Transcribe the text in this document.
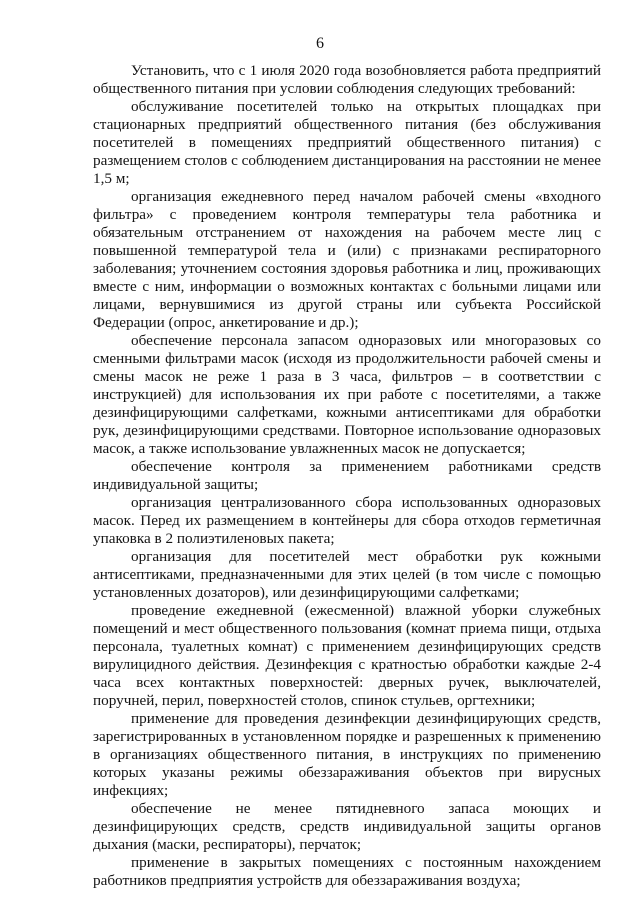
6

Установить, что с 1 июля 2020 года возобновляется работа предприятий общественного питания при условии соблюдения следующих требований:

обслуживание посетителей только на открытых площадках при стационарных предприятий общественного питания (без обслуживания посетителей в помещениях предприятий общественного питания) с размещением столов с соблюдением дистанцирования на расстоянии не менее 1,5 м;

организация ежедневного перед началом рабочей смены «входного фильтра» с проведением контроля температуры тела работника и обязательным отстранением от нахождения на рабочем месте лиц с повышенной температурой тела и (или) с признаками респираторного заболевания; уточнением состояния здоровья работника и лиц, проживающих вместе с ним, информации о возможных контактах с больными лицами или лицами, вернувшимися из другой страны или субъекта Российской Федерации (опрос, анкетирование и др.);

обеспечение персонала запасом одноразовых или многоразовых со сменными фильтрами масок (исходя из продолжительности рабочей смены и смены масок не реже 1 раза в 3 часа, фильтров – в соответствии с инструкцией) для использования их при работе с посетителями, а также дезинфицирующими салфетками, кожными антисептиками для обработки рук, дезинфицирующими средствами. Повторное использование одноразовых масок, а также использование увлажненных масок не допускается;

обеспечение контроля за применением работниками средств индивидуальной защиты;

организация централизованного сбора использованных одноразовых масок. Перед их размещением в контейнеры для сбора отходов герметичная упаковка в 2 полиэтиленовых пакета;

организация для посетителей мест обработки рук кожными антисептиками, предназначенными для этих целей (в том числе с помощью установленных дозаторов), или дезинфицирующими салфетками;

проведение ежедневной (ежесменной) влажной уборки служебных помещений и мест общественного пользования (комнат приема пищи, отдыха персонала, туалетных комнат) с применением дезинфицирующих средств вирулицидного действия. Дезинфекция с кратностью обработки каждые 2-4 часа всех контактных поверхностей: дверных ручек, выключателей, поручней, перил, поверхностей столов, спинок стульев, оргтехники;

применение для проведения дезинфекции дезинфицирующих средств, зарегистрированных в установленном порядке и разрешенных к применению в организациях общественного питания, в инструкциях по применению которых указаны режимы обеззараживания объектов при вирусных инфекциях;

обеспечение не менее пятидневного запаса моющих и дезинфицирующих средств, средств индивидуальной защиты органов дыхания (маски, респираторы), перчаток;

применение в закрытых помещениях с постоянным нахождением работников предприятия устройств для обеззараживания воздуха;
